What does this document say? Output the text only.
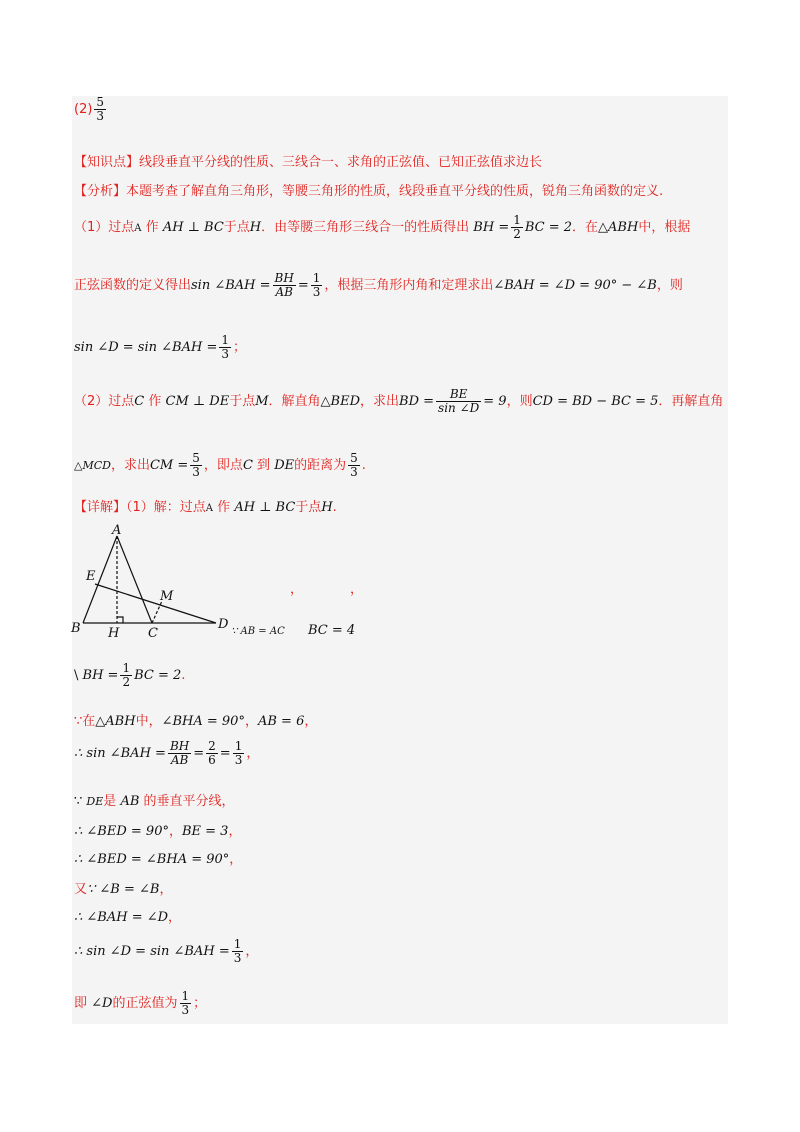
$(2) \frac{5}{3}$
【知识点】线段垂直平分线的性质、三线合一、求角的正弦值、已知正弦值求边长
【分析】本题考查了解直角三角形，等腰三角形的性质，线段垂直平分线的性质，锐角三角函数的定义.
（1）过点A 作 AH ⊥ BC于点H．由等腰三角形三线合一的性质得出 BH = $\frac{1}{2}$ BC = 2．在△ABH中，根据
正弦函数的定义得出sin ∠BAH = $\frac{BH}{AB} = \frac{1}{3}$ ，根据三角形内角和定理求出∠BAH = ∠D = 90° − ∠B，则
sin ∠D = sin ∠BAH = $\frac{1}{3}$ ；
（2）过点C 作 CM ⊥ DE于点M．解直角△BED，求出BD = $\frac{BE}{\sin \angle D} = 9$，则CD = BD − BC = 5．再解直角
△MCD，求出CM = $\frac{5}{3}$ ，即点C 到 DE的距离为 $\frac{5}{3}$ .
【详解】（1）解：过点A 作 AH ⊥ BC于点H.
A
E
M
B H C
D
，	，
∵ AB = AC BC = 4
\ BH = $\frac{1}{2}$ BC = 2.
∵在△ABH中，∠BHA = 90°，AB = 6，
∴ sin ∠BAH = $\frac{BH}{AB} = \frac{2}{6} = \frac{1}{3}$ ，
∵ DE是 AB 的垂直平分线，
∴ ∠BED = 90°，BE = 3，
∴ ∠BED = ∠BHA = 90°，
又∵ ∠B = ∠B，
∴ ∠BAH = ∠D，
∴ sin ∠D = sin ∠BAH = $\frac{1}{3}$ ，
即 ∠D的正弦值为 $\frac{1}{3}$ ；
